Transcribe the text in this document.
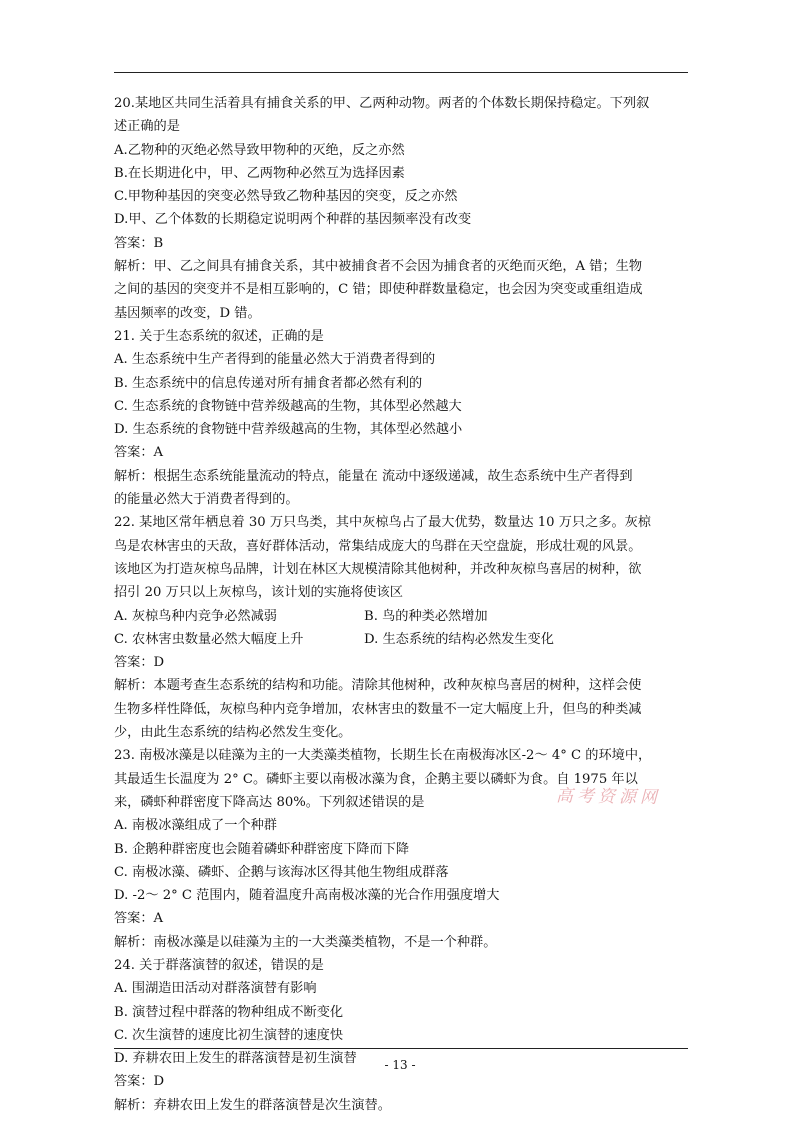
20.某地区共同生活着具有捕食关系的甲、乙两种动物。两者的个体数长期保持稳定。下列叙

述正确的是

A.乙物种的灭绝必然导致甲物种的灭绝，反之亦然

B.在长期进化中，甲、乙两物种必然互为选择因素

C.甲物种基因的突变必然导致乙物种基因的突变，反之亦然

D.甲、乙个体数的长期稳定说明两个种群的基因频率没有改变

答案：B

解析：甲、乙之间具有捕食关系，其中被捕食者不会因为捕食者的灭绝而灭绝，A 错；生物

之间的基因的突变并不是相互影响的，C 错；即使种群数量稳定，也会因为突变或重组造成

基因频率的改变，D 错。

21. 关于生态系统的叙述，正确的是

A. 生态系统中生产者得到的能量必然大于消费者得到的

B. 生态系统中的信息传递对所有捕食者都必然有利的

C. 生态系统的食物链中营养级越高的生物，其体型必然越大

D. 生态系统的食物链中营养级越高的生物，其体型必然越小

答案：A

解析：根据生态系统能量流动的特点，能量在 流动中逐级递减，故生态系统中生产者得到

的能量必然大于消费者得到的。

22. 某地区常年栖息着 30 万只鸟类，其中灰椋鸟占了最大优势，数量达 10 万只之多。灰椋

鸟是农林害虫的天敌，喜好群体活动，常集结成庞大的鸟群在天空盘旋，形成壮观的风景。

该地区为打造灰椋鸟品牌，计划在林区大规模清除其他树种，并改种灰椋鸟喜居的树种，欲

招引 20 万只以上灰椋鸟，该计划的实施将使该区

A. 灰椋鸟种内竞争必然减弱	B. 鸟的种类必然增加

C. 农林害虫数量必然大幅度上升	D. 生态系统的结构必然发生变化

答案：D

解析：本题考查生态系统的结构和功能。清除其他树种，改种灰椋鸟喜居的树种，这样会使

生物多样性降低，灰椋鸟种内竞争增加，农林害虫的数量不一定大幅度上升，但鸟的种类减

少，由此生态系统的结构必然发生变化。

23. 南极冰藻是以硅藻为主的一大类藻类植物，长期生长在南极海冰区-2～ 4° C 的环境中，

其最适生长温度为 2° C。磷虾主要以南极冰藻为食，企鹅主要以磷虾为食。自 1975 年以

来，磷虾种群密度下降高达 80%。下列叙述错误的是

A. 南极冰藻组成了一个种群

B. 企鹅种群密度也会随着磷虾种群密度下降而下降

C. 南极冰藻、磷虾、企鹅与该海冰区得其他生物组成群落

D. -2～ 2° C 范围内，随着温度升高南极冰藻的光合作用强度增大

答案：A

解析：南极冰藻是以硅藻为主的一大类藻类植物，不是一个种群。

24. 关于群落演替的叙述，错误的是

A. 围湖造田活动对群落演替有影响

B. 演替过程中群落的物种组成不断变化

C. 次生演替的速度比初生演替的速度快

D. 弃耕农田上发生的群落演替是初生演替

答案：D

解析：弃耕农田上发生的群落演替是次生演替。

高考资源网
- 13 -
